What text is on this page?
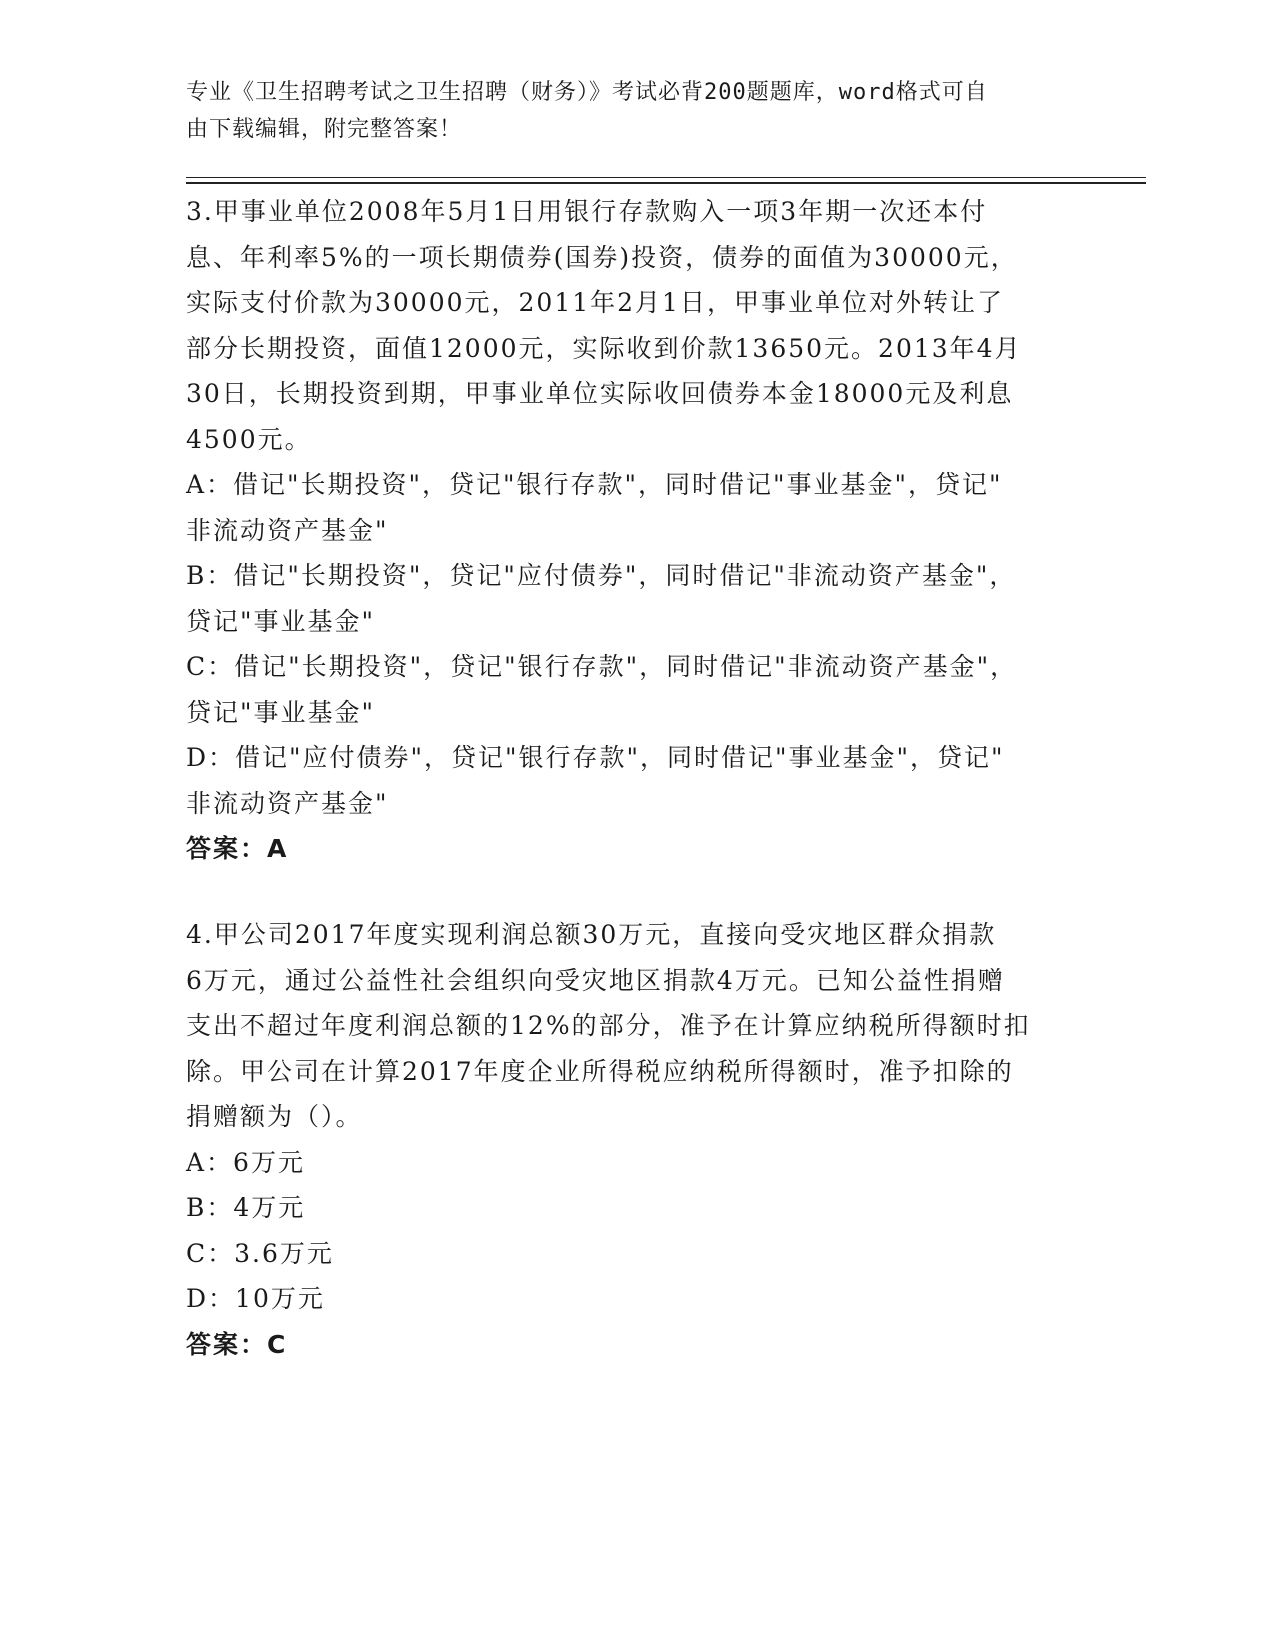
专业《卫生招聘考试之卫生招聘（财务）》考试必背200题题库，word格式可自
由下载编辑，附完整答案！
3.甲事业单位2008年5月1日用银行存款购入一项3年期一次还本付
息、年利率5%的一项长期债券(国券)投资，债券的面值为30000元，
实际支付价款为30000元，2011年2月1日，甲事业单位对外转让了
部分长期投资，面值12000元，实际收到价款13650元。2013年4月
30日，长期投资到期，甲事业单位实际收回债券本金18000元及利息
4500元。
A：借记"长期投资"，贷记"银行存款"，同时借记"事业基金"，贷记"
非流动资产基金"
B：借记"长期投资"，贷记"应付债券"，同时借记"非流动资产基金"，
贷记"事业基金"
C：借记"长期投资"，贷记"银行存款"，同时借记"非流动资产基金"，
贷记"事业基金"
D：借记"应付债券"，贷记"银行存款"，同时借记"事业基金"，贷记"
非流动资产基金"
答案：A
4.甲公司2017年度实现利润总额30万元，直接向受灾地区群众捐款
6万元，通过公益性社会组织向受灾地区捐款4万元。已知公益性捐赠
支出不超过年度利润总额的12%的部分，准予在计算应纳税所得额时扣
除。甲公司在计算2017年度企业所得税应纳税所得额时，准予扣除的
捐赠额为（）。
A：6万元
B：4万元
C：3.6万元
D：10万元
答案：C
